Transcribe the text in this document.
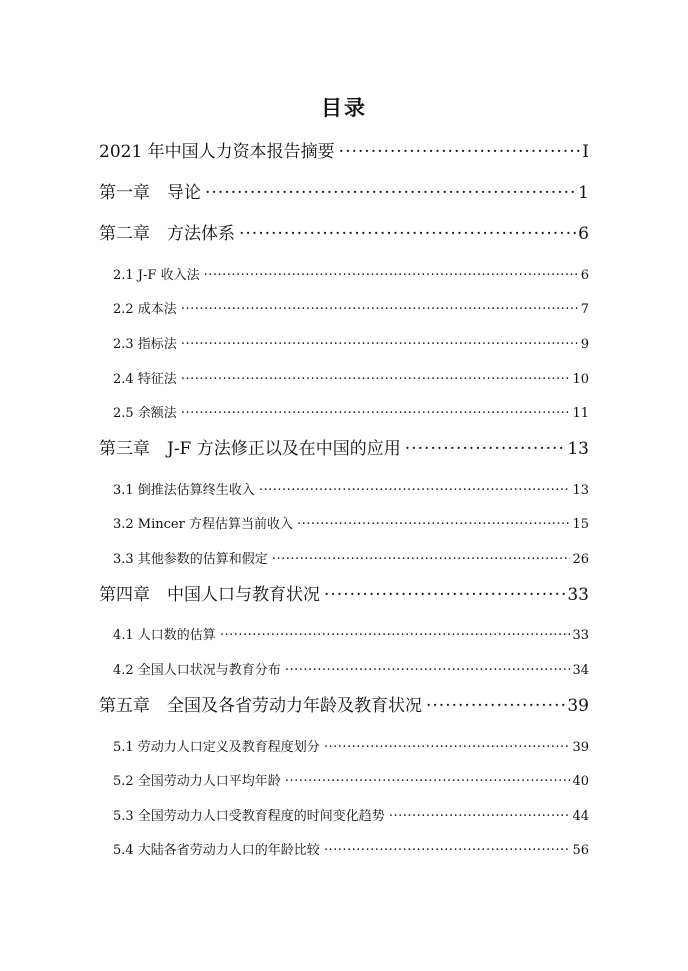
目录
2021 年中国人力资本报告摘要 .....	I
第一章　导论 .....	1
第二章　方法体系 .....	6
2.1 J-F 收入法 .....	6
2.2 成本法 .....	7
2.3 指标法 .....	9
2.4 特征法 .....	10
2.5 余额法 .....	11
第三章　J-F 方法修正以及在中国的应用 .....	13
3.1 倒推法估算终生收入 .....	13
3.2 Mincer 方程估算当前收入 .....	15
3.3 其他参数的估算和假定 .....	26
第四章　中国人口与教育状况 .....	33
4.1 人口数的估算 .....	33
4.2 全国人口状况与教育分布 .....	34
第五章　全国及各省劳动力年龄及教育状况 .....	39
5.1 劳动力人口定义及教育程度划分 .....	39
5.2 全国劳动力人口平均年龄 .....	40
5.3 全国劳动力人口受教育程度的时间变化趋势 .....	44
5.4 大陆各省劳动力人口的年龄比较 .....	56
